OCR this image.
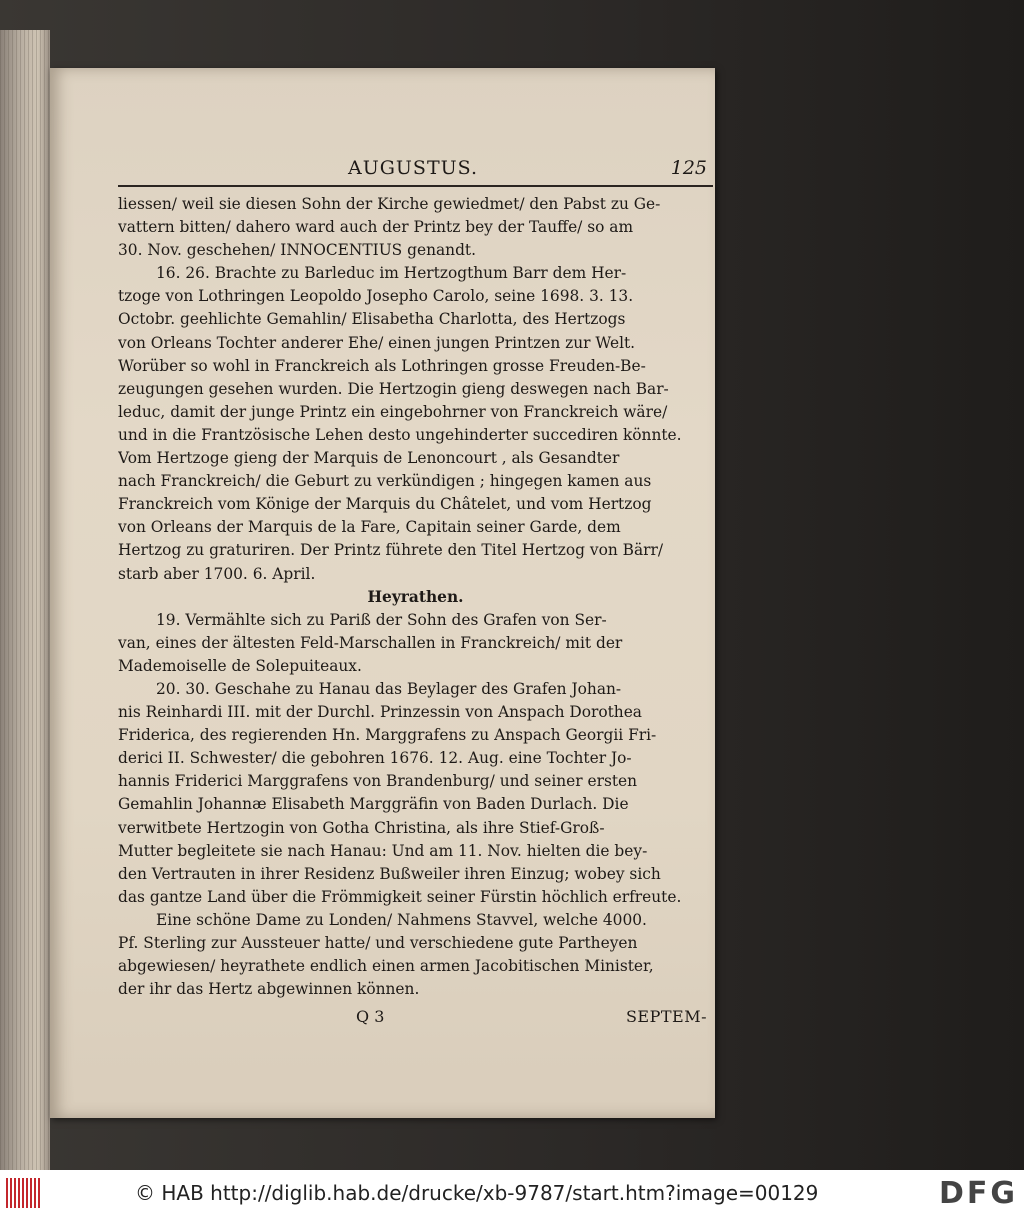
AUGUSTUS.	125
liessen/ weil sie diesen Sohn der Kirche gewiedmet/ den Pabst zu Ge-
vattern bitten/ dahero ward auch der Printz bey der Tauffe/ so am
30. Nov. geschehen/ INNOCENTIUS genandt.
16. 26. Brachte zu Barleduc im Hertzogthum Barr dem Her-
tzoge von Lothringen Leopoldo Josepho Carolo, seine 1698. 3. 13.
Octobr. geehlichte Gemahlin/ Elisabetha Charlotta, des Hertzogs
von Orleans Tochter anderer Ehe/ einen jungen Printzen zur Welt.
Worüber so wohl in Franckreich als Lothringen grosse Freuden-Be-
zeugungen gesehen wurden. Die Hertzogin gieng deswegen nach Bar-
leduc, damit der junge Printz ein eingebohrner von Franckreich wäre/
und in die Frantzösische Lehen desto ungehinderter succediren könnte.
Vom Hertzoge gieng der Marquis de Lenoncourt , als Gesandter
nach Franckreich/ die Geburt zu verkündigen ; hingegen kamen aus
Franckreich vom Könige der Marquis du Châtelet, und vom Hertzog
von Orleans der Marquis de la Fare, Capitain seiner Garde, dem
Hertzog zu graturiren. Der Printz führete den Titel Hertzog von Bärr/
starb aber 1700. 6. April.
Heyrathen.
19. Vermählte sich zu Pariß der Sohn des Grafen von Ser-
van, eines der ältesten Feld-Marschallen in Franckreich/ mit der
Mademoiselle de Solepuiteaux.
20. 30. Geschahe zu Hanau das Beylager des Grafen Johan-
nis Reinhardi III. mit der Durchl. Prinzessin von Anspach Dorothea
Friderica, des regierenden Hn. Marggrafens zu Anspach Georgii Fri-
derici II. Schwester/ die gebohren 1676. 12. Aug. eine Tochter Jo-
hannis Friderici Marggrafens von Brandenburg/ und seiner ersten
Gemahlin Johannæ Elisabeth Marggräfin von Baden Durlach. Die
verwitbete Hertzogin von Gotha Christina, als ihre Stief-Groß-
Mutter begleitete sie nach Hanau: Und am 11. Nov. hielten die bey-
den Vertrauten in ihrer Residenz Bußweiler ihren Einzug; wobey sich
das gantze Land über die Frömmigkeit seiner Fürstin höchlich erfreute.
Eine schöne Dame zu Londen/ Nahmens Stavvel, welche 4000.
Pf. Sterling zur Aussteuer hatte/ und verschiedene gute Partheyen
abgewiesen/ heyrathete endlich einen armen Jacobitischen Minister,
der ihr das Hertz abgewinnen können.
Q 3	SEPTEM-
© HAB http://diglib.hab.de/drucke/xb-9787/start.htm?image=00129	DFG
